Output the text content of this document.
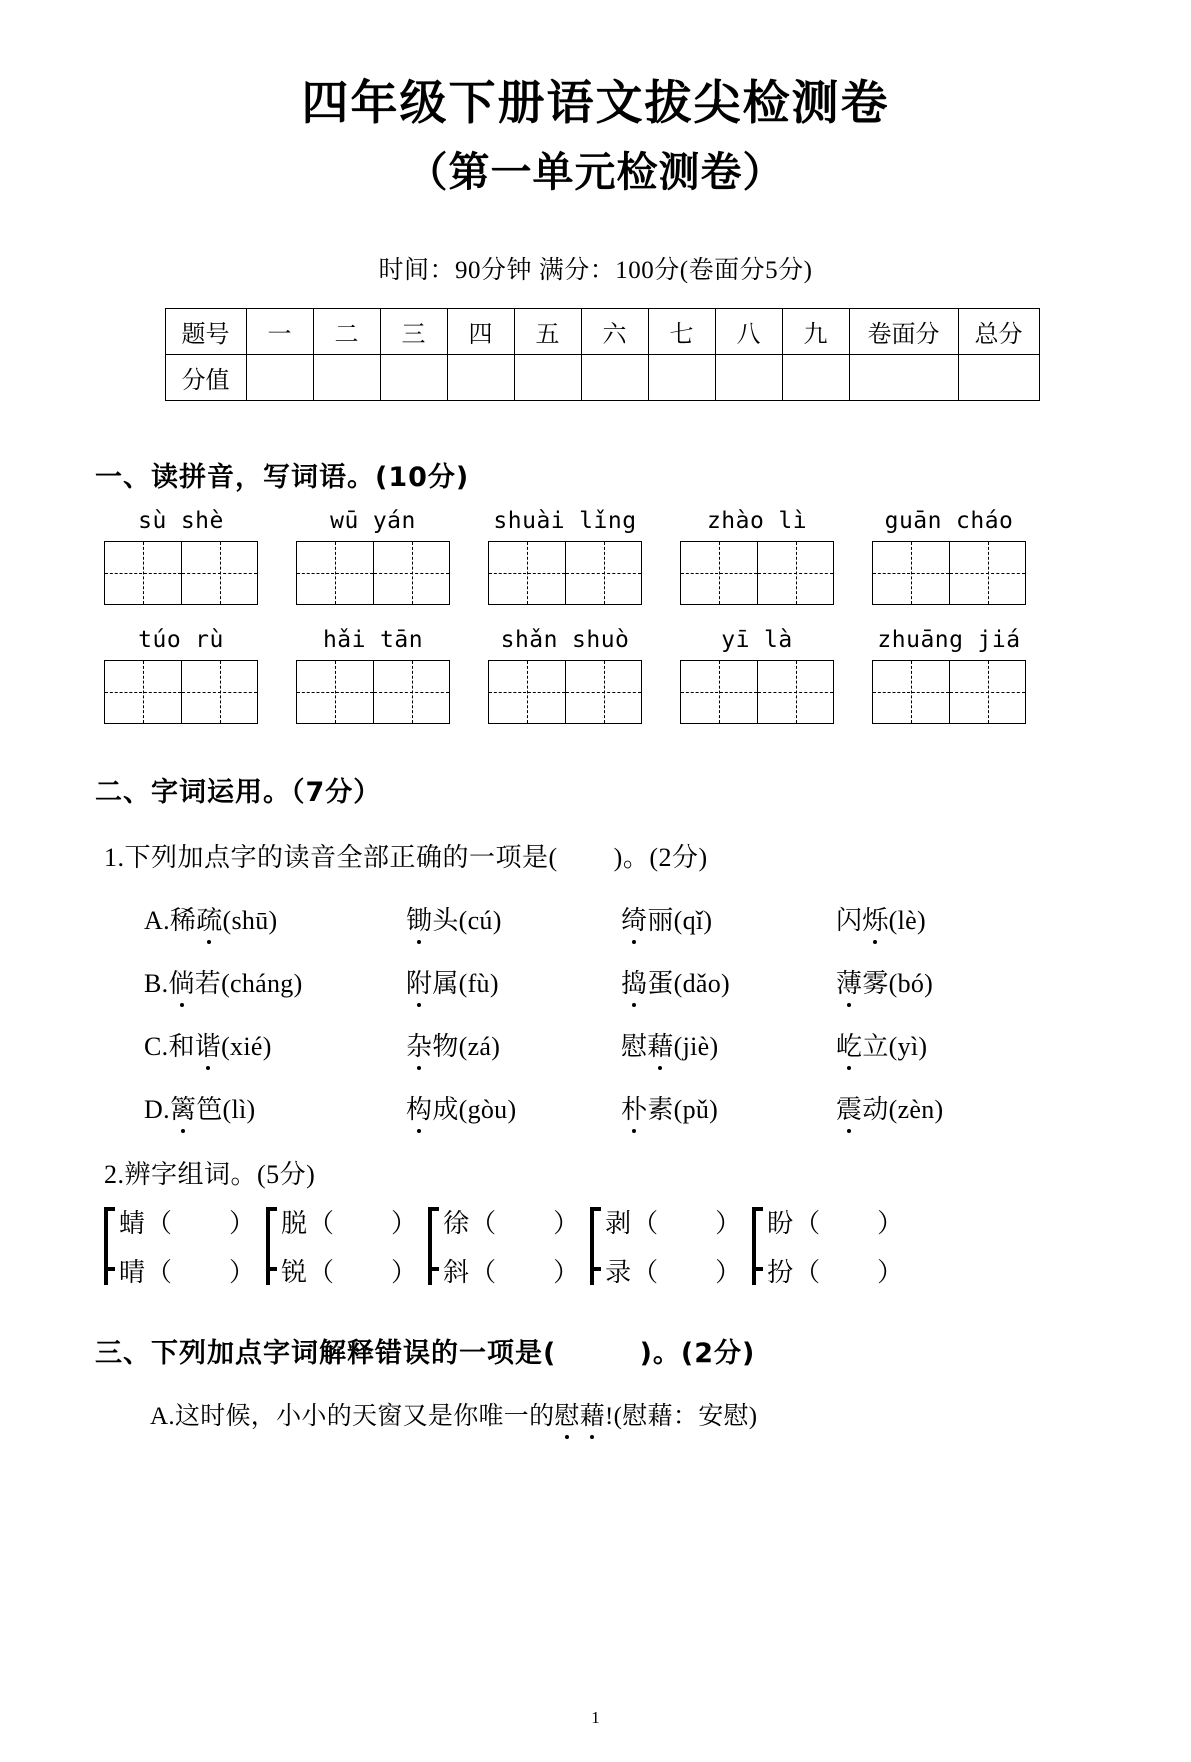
四年级下册语文拔尖检测卷
（第一单元检测卷）
时间：90分钟 满分：100分(卷面分5分)
题号	一	二	三	四	五	六	七	八	九	卷面分	总分
分值											
一、读拼音，写词语。(10分)
sù shè	wū yán	shuài lǐng	zhào lì	guān cháo
túo rù	hǎi tān	shǎn shuò	yī là	zhuāng jiá
二、字词运用。（7分）
1.下列加点字的读音全部正确的一项是( )。(2分)
A.稀疏(shū)	锄头(cú)	绮丽(qǐ)	闪烁(lè)
B.倘若(cháng)	附属(fù)	捣蛋(dǎo)	薄雾(bó)
C.和谐(xié)	杂物(zá)	慰藉(jiè)	屹立(yì)
D.篱笆(lì)	构成(gòu)	朴素(pǔ)	震动(zèn)
2.辨字组词。(5分)
蜻（ ）
晴（ ）
脱（ ）
锐（ ）
徐（ ）
斜（ ）
剥（ ）
录（ ）
盼（ ）
扮（ ）
三、下列加点字词解释错误的一项是(	)。(2分)
A.这时候，小小的天窗又是你唯一的慰藉!(慰藉：安慰)
1
